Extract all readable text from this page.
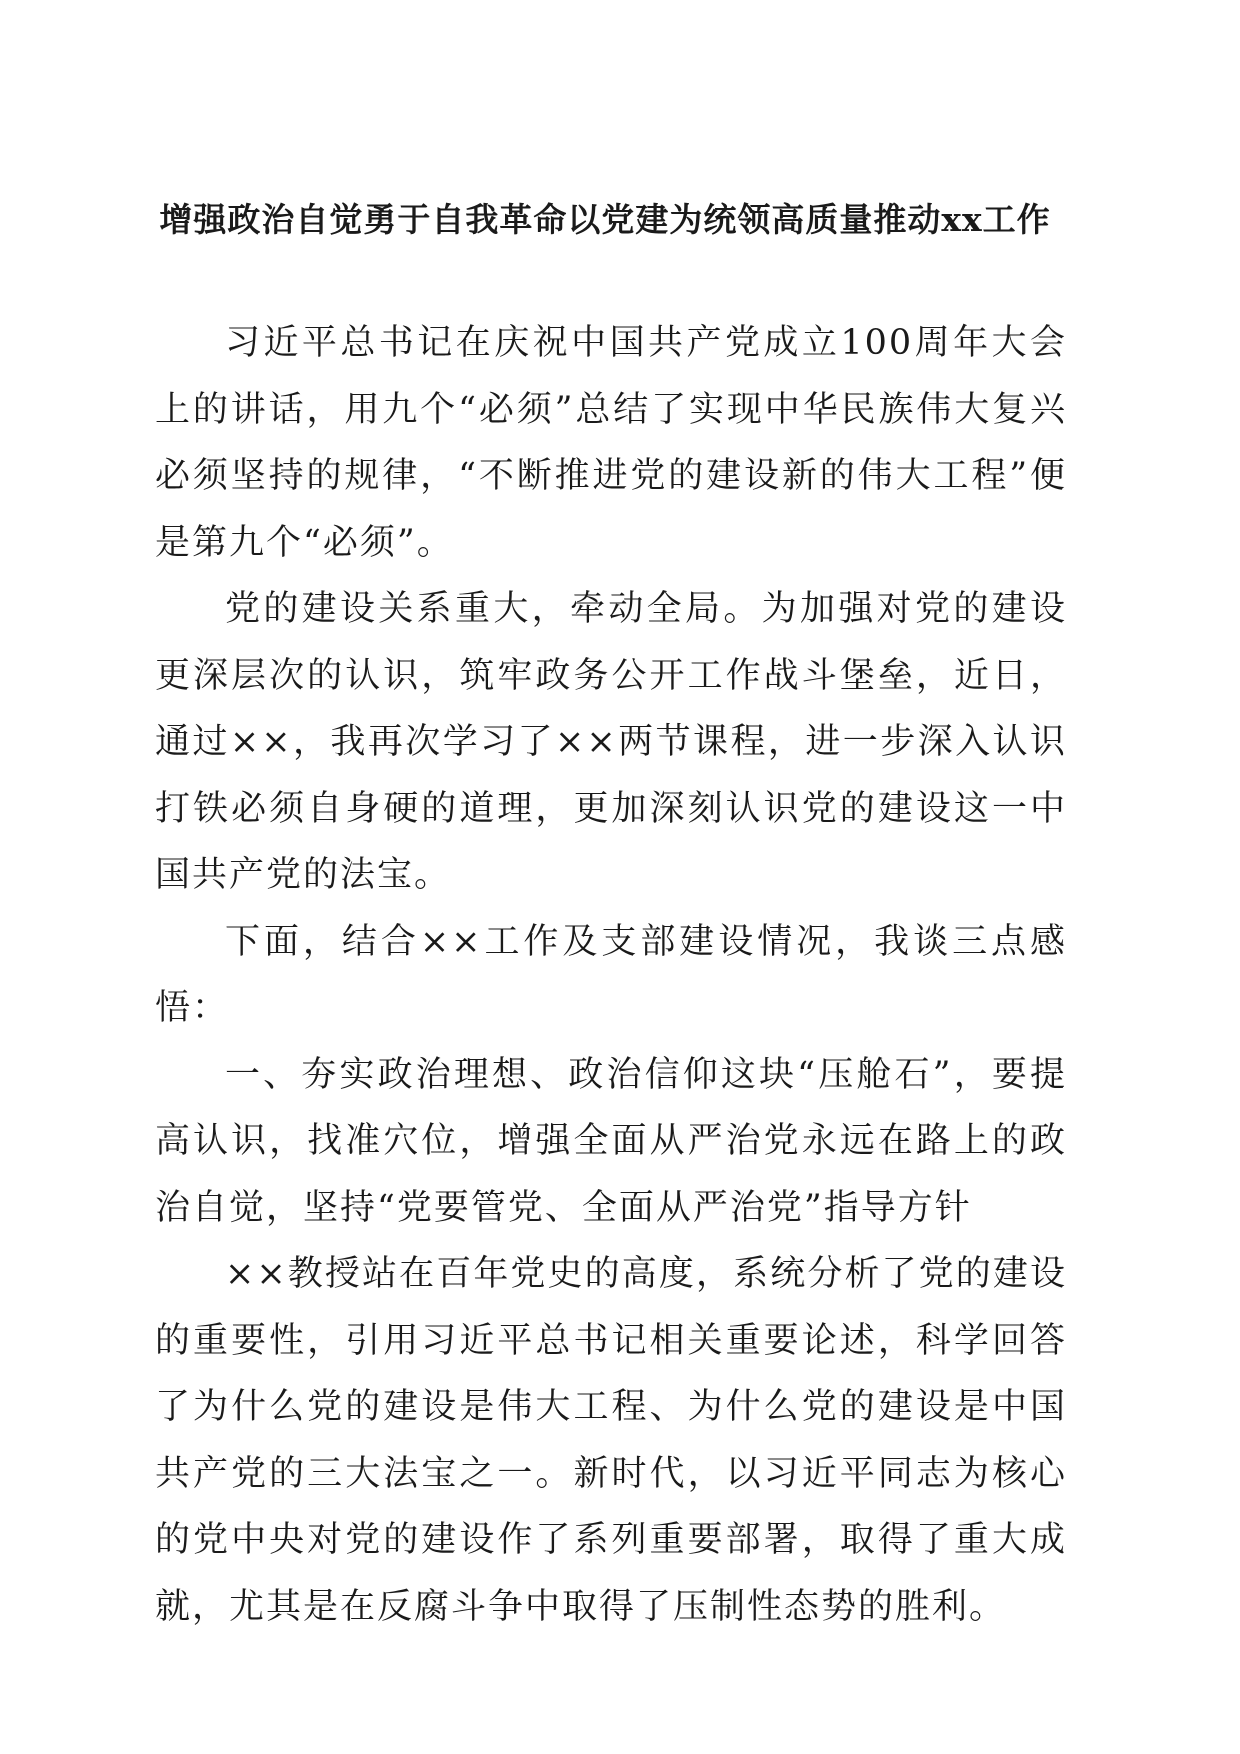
增强政治自觉勇于自我革命以党建为统领高质量推动xx工作

习近平总书记在庆祝中国共产党成立100周年大会上的讲话，用九个“必须”总结了实现中华民族伟大复兴必须坚持的规律，“不断推进党的建设新的伟大工程”便是第九个“必须”。

党的建设关系重大，牵动全局。为加强对党的建设更深层次的认识，筑牢政务公开工作战斗堡垒，近日，通过××，我再次学习了××两节课程，进一步深入认识打铁必须自身硬的道理，更加深刻认识党的建设这一中国共产党的法宝。

下面，结合××工作及支部建设情况，我谈三点感悟：

一、夯实政治理想、政治信仰这块“压舱石”，要提高认识，找准穴位，增强全面从严治党永远在路上的政治自觉，坚持“党要管党、全面从严治党”指导方针

××教授站在百年党史的高度，系统分析了党的建设的重要性，引用习近平总书记相关重要论述，科学回答了为什么党的建设是伟大工程、为什么党的建设是中国共产党的三大法宝之一。新时代，以习近平同志为核心的党中央对党的建设作了系列重要部署，取得了重大成就，尤其是在反腐斗争中取得了压制性态势的胜利。
